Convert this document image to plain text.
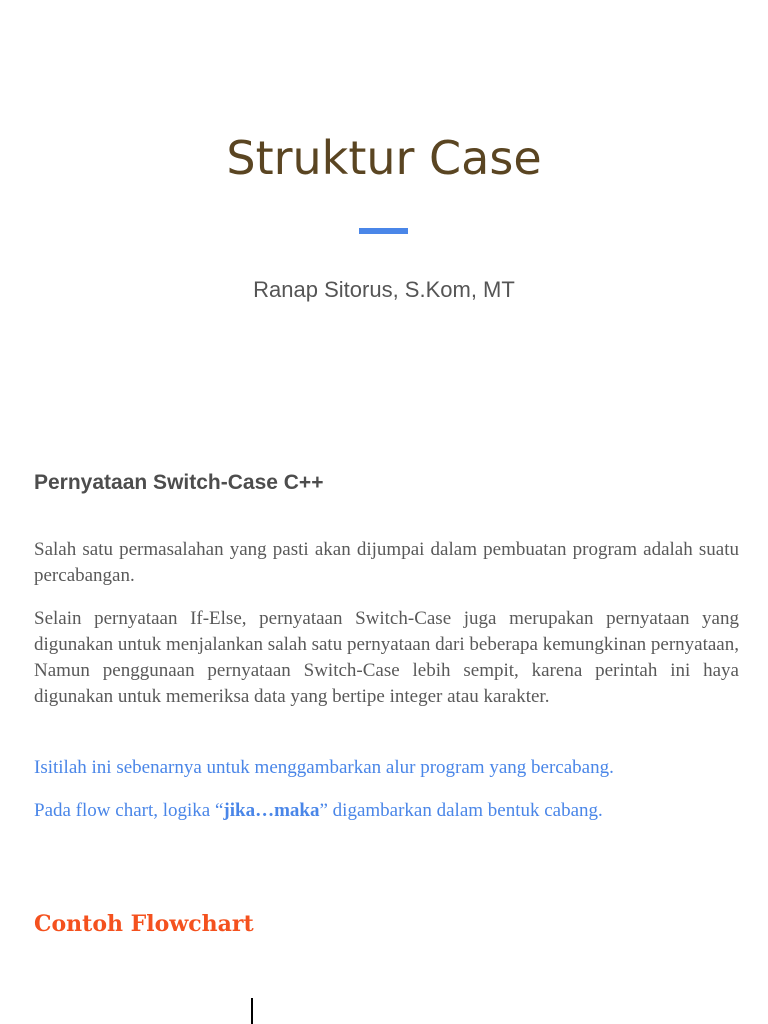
Struktur Case
Ranap Sitorus, S.Kom, MT
Pernyataan Switch-Case C++

Salah satu permasalahan yang pasti akan dijumpai dalam pembuatan program adalah suatu percabangan.

Selain pernyataan If-Else, pernyataan Switch-Case juga merupakan pernyataan yang digunakan untuk menjalankan salah satu pernyataan dari beberapa kemungkinan pernyataan, Namun penggunaan pernyataan Switch-Case lebih sempit, karena perintah ini haya digunakan untuk memeriksa data yang bertipe integer atau karakter.

Isitilah ini sebenarnya untuk menggambarkan alur program yang bercabang.

Pada flow chart, logika “jika…maka” digambarkan dalam bentuk cabang.

Contoh Flowchart
